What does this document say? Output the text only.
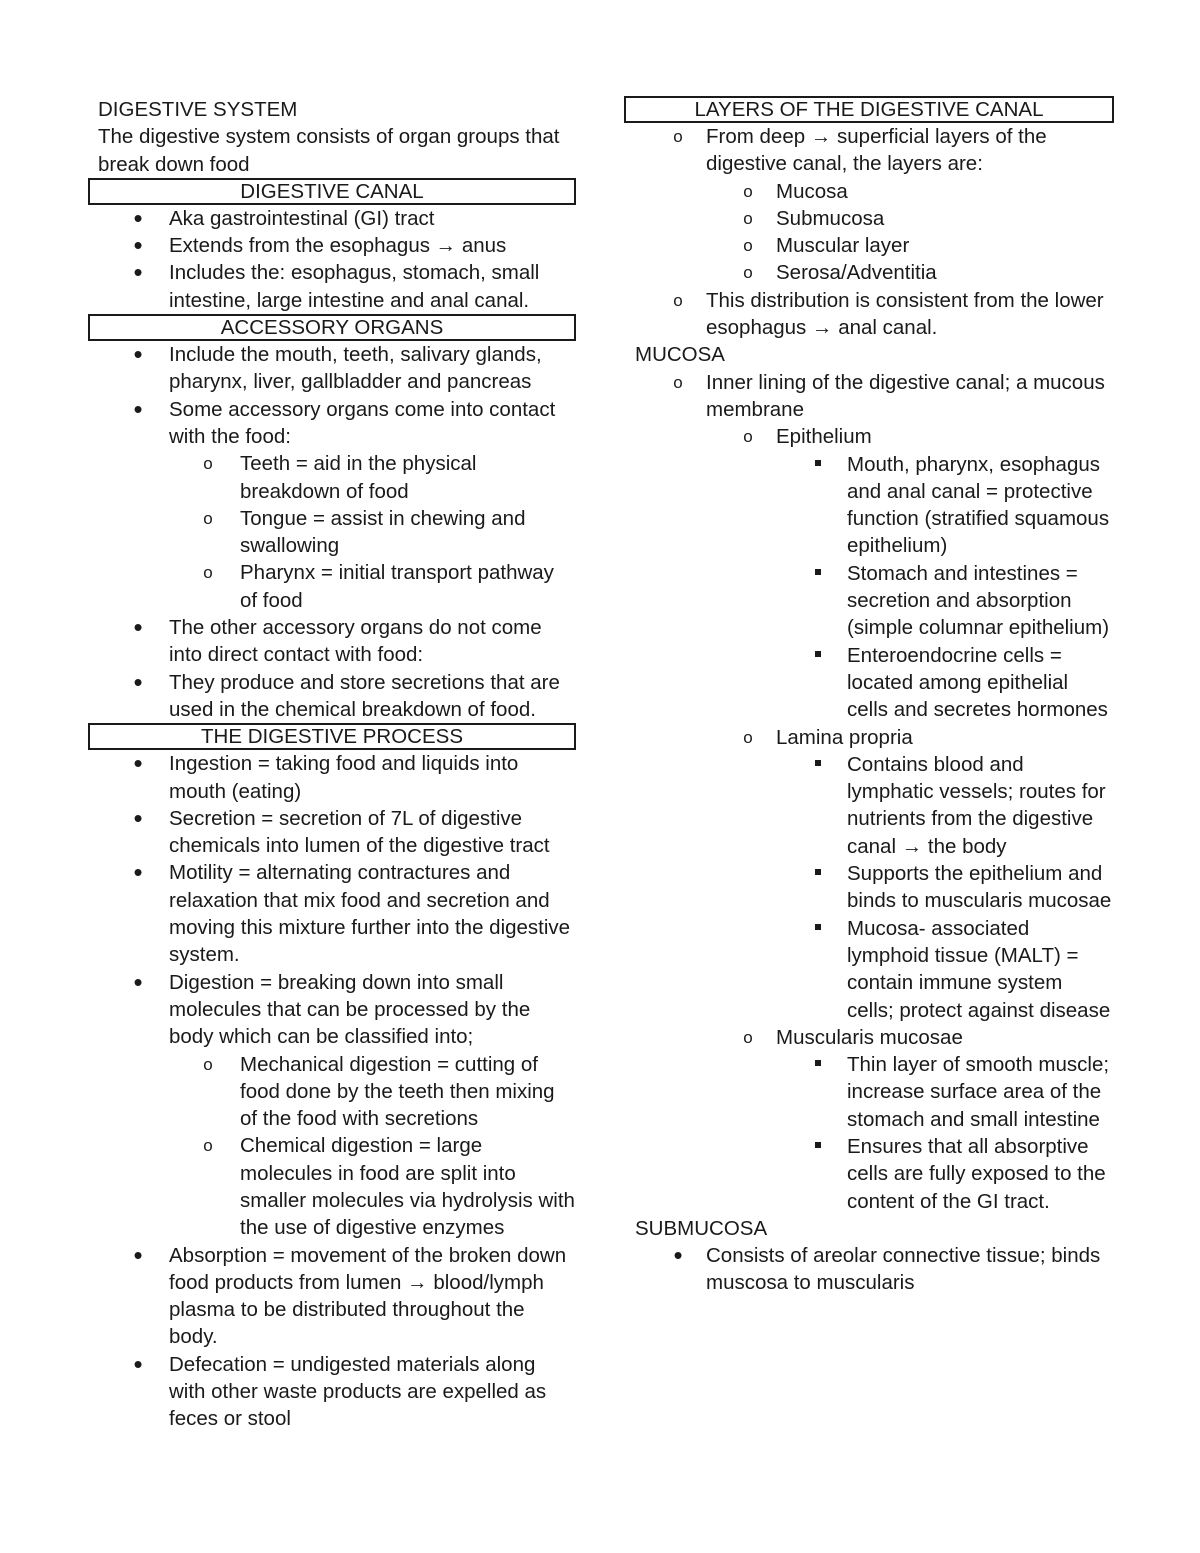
DIGESTIVE SYSTEM

The digestive system consists of organ groups that

break down food

DIGESTIVE CANAL
•
Aka gastrointestinal (GI) tract
•
Extends from the esophagus → anus
•
Includes the: esophagus, stomach, small intestine, large intestine and anal canal.
ACCESSORY ORGANS
•
Include the mouth, teeth, salivary glands, pharynx, liver, gallbladder and pancreas
•
Some accessory organs come into contact with the food:
o
Teeth = aid in the physical breakdown of food
o
Tongue = assist in chewing and swallowing
o
Pharynx = initial transport pathway of food
•
The other accessory organs do not come into direct contact with food:
•
They produce and store secretions that are used in the chemical breakdown of food.
THE DIGESTIVE PROCESS
•
Ingestion = taking food and liquids into mouth (eating)
•
Secretion = secretion of 7L of digestive chemicals into lumen of the digestive tract
•
Motility = alternating contractures and relaxation that mix food and secretion and moving this mixture further into the digestive system.
•
Digestion = breaking down into small molecules that can be processed by the body which can be classified into;
o
Mechanical digestion = cutting of food done by the teeth then mixing of the food with secretions
o
Chemical digestion = large molecules in food are split into smaller molecules via hydrolysis with the use of digestive enzymes
•
Absorption = movement of the broken down food products from lumen → blood/lymph plasma to be distributed throughout the body.
•
Defecation = undigested materials along with other waste products are expelled as feces or stool
LAYERS OF THE DIGESTIVE CANAL
o
From deep → superficial layers of the digestive canal, the layers are:
o
Mucosa
o
Submucosa
o
Muscular layer
o
Serosa/Adventitia
o
This distribution is consistent from the lower esophagus → anal canal.

MUCOSA

o
Inner lining of the digestive canal; a mucous membrane
o
Epithelium
Mouth, pharynx, esophagus and anal canal = protective function (stratified squamous epithelium)
Stomach and intestines = secretion and absorption (simple columnar epithelium)
Enteroendocrine cells = located among epithelial cells and secretes hormones
o
Lamina propria
Contains blood and lymphatic vessels; routes for nutrients from the digestive canal → the body
Supports the epithelium and binds to muscularis mucosae
Mucosa- associated lymphoid tissue (MALT) = contain immune system cells; protect against disease
o
Muscularis mucosae
Thin layer of smooth muscle; increase surface area of the stomach and small intestine
Ensures that all absorptive cells are fully exposed to the content of the GI tract.

SUBMUCOSA

•
Consists of areolar connective tissue; binds muscosa to muscularis
